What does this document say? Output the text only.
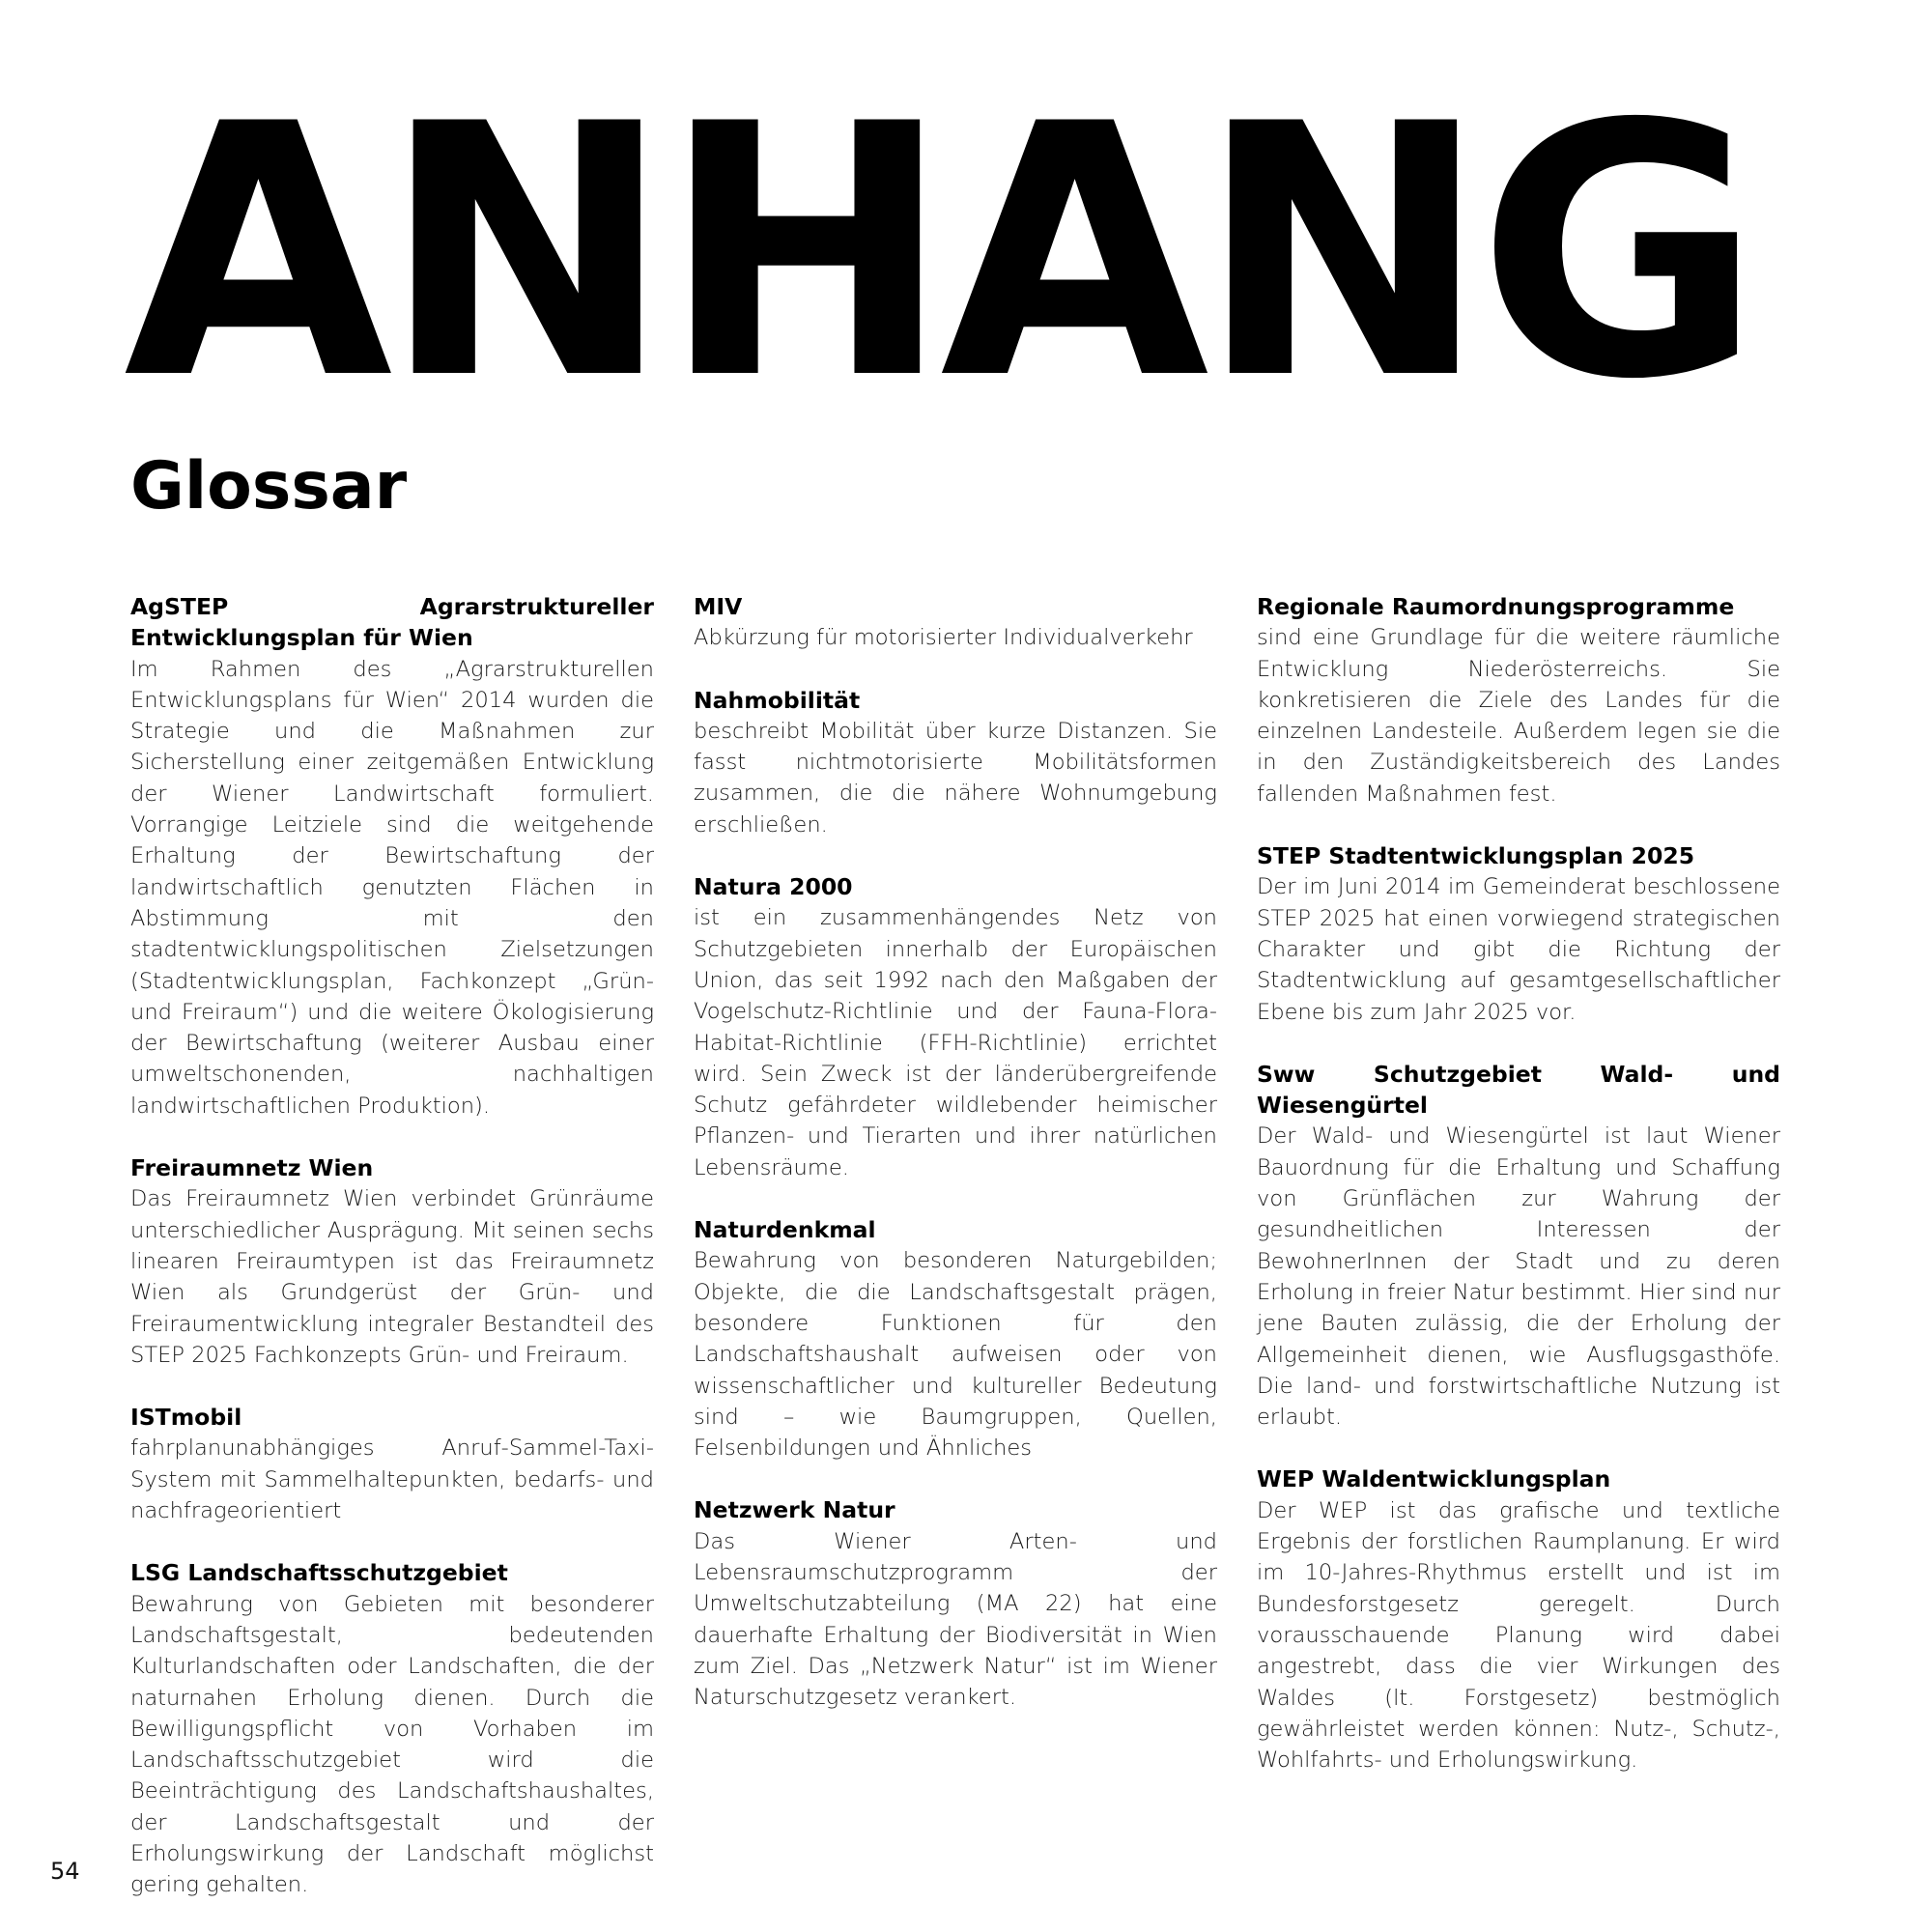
ANHANG
Glossar

AgSTEP Agrarstruktureller Entwicklungsplan für Wien

Im Rahmen des „Agrarstrukturellen Entwicklungsplans für Wien“ 2014 wurden die Strategie und die Maßnahmen zur Sicherstellung einer zeitgemäßen Entwicklung der Wiener Landwirtschaft formuliert. Vorrangige Leitziele sind die weitgehende Erhaltung der Bewirtschaftung der landwirtschaftlich genutzten Flächen in Abstimmung mit den stadtentwicklungspolitischen Zielsetzungen (Stadtentwicklungsplan, Fachkonzept „Grün- und Freiraum“) und die weitere Ökologisierung der Bewirtschaftung (weiterer Ausbau einer umweltschonenden, nachhaltigen landwirtschaftlichen Produktion).

Freiraumnetz Wien

Das Freiraumnetz Wien verbindet Grünräume unterschiedlicher Ausprägung. Mit seinen sechs linearen Freiraumtypen ist das Freiraumnetz Wien als Grundgerüst der Grün- und Freiraumentwicklung integraler Bestandteil des STEP 2025 Fachkonzepts Grün- und Freiraum.

ISTmobil

fahrplanunabhängiges Anruf-Sammel-Taxi-System mit Sammelhaltepunkten, bedarfs- und nachfrageorientiert

LSG Landschaftsschutzgebiet

Bewahrung von Gebieten mit besonderer Landschaftsgestalt, bedeutenden Kulturlandschaften oder Landschaften, die der naturnahen Erholung dienen. Durch die Bewilligungspflicht von Vorhaben im Landschaftsschutzgebiet wird die Beeinträchtigung des Landschaftshaushaltes, der Landschaftsgestalt und der Erholungswirkung der Landschaft möglichst gering gehalten.

MIV

Abkürzung für motorisierter Individualverkehr

Nahmobilität

beschreibt Mobilität über kurze Distanzen. Sie fasst nichtmotorisierte Mobilitätsformen zusammen, die die nähere Wohnumgebung erschließen.

Natura 2000

ist ein zusammenhängendes Netz von Schutzgebieten innerhalb der Europäischen Union, das seit 1992 nach den Maßgaben der Vogelschutz-Richtlinie und der Fauna-Flora-Habitat-Richtlinie (FFH-Richtlinie) errichtet wird. Sein Zweck ist der länderübergreifende Schutz gefährdeter wildlebender heimischer Pflanzen- und Tierarten und ihrer natürlichen Lebensräume.

Naturdenkmal

Bewahrung von besonderen Naturgebilden; Objekte, die die Landschaftsgestalt prägen, besondere Funktionen für den Landschaftshaushalt aufweisen oder von wissenschaftlicher und kultureller Bedeutung sind – wie Baumgruppen, Quellen, Felsenbildungen und Ähnliches

Netzwerk Natur

Das Wiener Arten- und Lebensraumschutzprogramm der Umweltschutzabteilung (MA 22) hat eine dauerhafte Erhaltung der Biodiversität in Wien zum Ziel. Das „Netzwerk Natur“ ist im Wiener Naturschutzgesetz verankert.

Regionale Raumordnungsprogramme

sind eine Grundlage für die weitere räumliche Entwicklung Niederösterreichs. Sie konkretisieren die Ziele des Landes für die einzelnen Landesteile. Außerdem legen sie die in den Zuständigkeitsbereich des Landes fallenden Maßnahmen fest.

STEP Stadtentwicklungsplan 2025

Der im Juni 2014 im Gemeinderat beschlossene STEP 2025 hat einen vorwiegend strategischen Charakter und gibt die Richtung der Stadtentwicklung auf gesamtgesellschaftlicher Ebene bis zum Jahr 2025 vor.

Sww Schutzgebiet Wald- und Wiesengürtel

Der Wald- und Wiesengürtel ist laut Wiener Bauordnung für die Erhaltung und Schaffung von Grünflächen zur Wahrung der gesundheitlichen Interessen der BewohnerInnen der Stadt und zu deren Erholung in freier Natur bestimmt. Hier sind nur jene Bauten zulässig, die der Erholung der Allgemeinheit dienen, wie Ausflugsgasthöfe. Die land- und forstwirtschaftliche Nutzung ist erlaubt.

WEP Waldentwicklungsplan

Der WEP ist das grafische und textliche Ergebnis der forstlichen Raumplanung. Er wird im 10-Jahres-Rhythmus erstellt und ist im Bundesforstgesetz geregelt. Durch vorausschauende Planung wird dabei angestrebt, dass die vier Wirkungen des Waldes (lt. Forstgesetz) bestmöglich gewährleistet werden können: Nutz-, Schutz-, Wohlfahrts- und Erholungswirkung.

54
